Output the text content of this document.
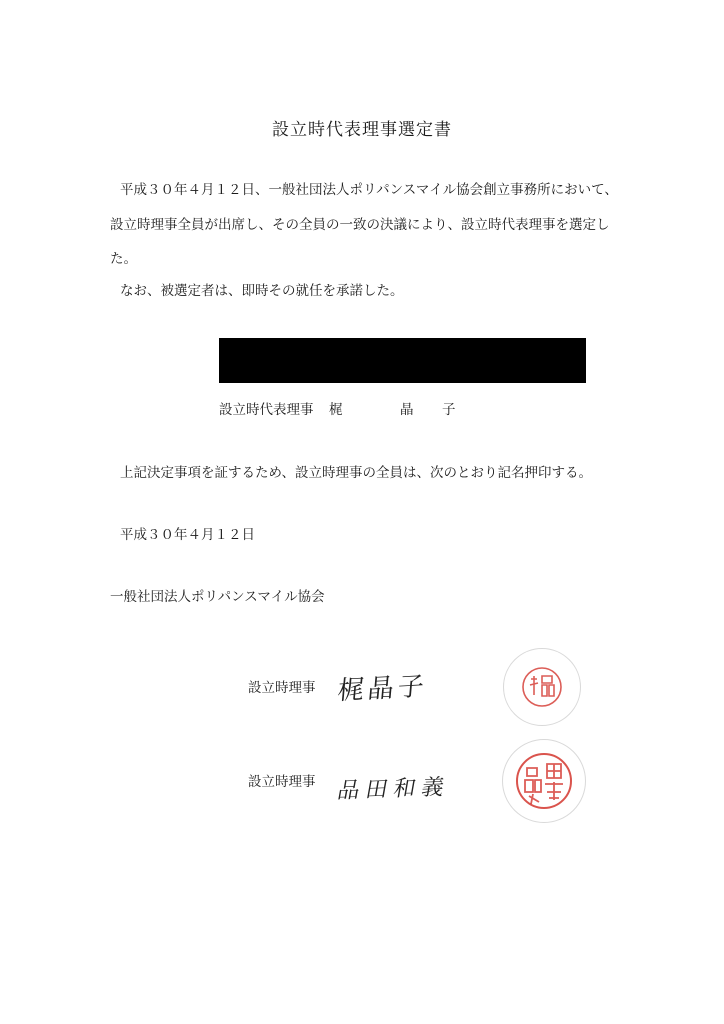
設立時代表理事選定書
平成３０年４月１２日、一般社団法人ポリパンスマイル協会創立事務所において、
設立時理事全員が出席し、その全員の一致の決議により、設立時代表理事を選定し
た。
なお、被選定者は、即時その就任を承諾した。
設立時代表理事 梶	晶 子
上記決定事項を証するため、設立時理事の全員は、次のとおり記名押印する。
平成３０年４月１２日
一般社団法人ポリパンスマイル協会
設立時理事 梶晶子
設立時理事 品田和義
